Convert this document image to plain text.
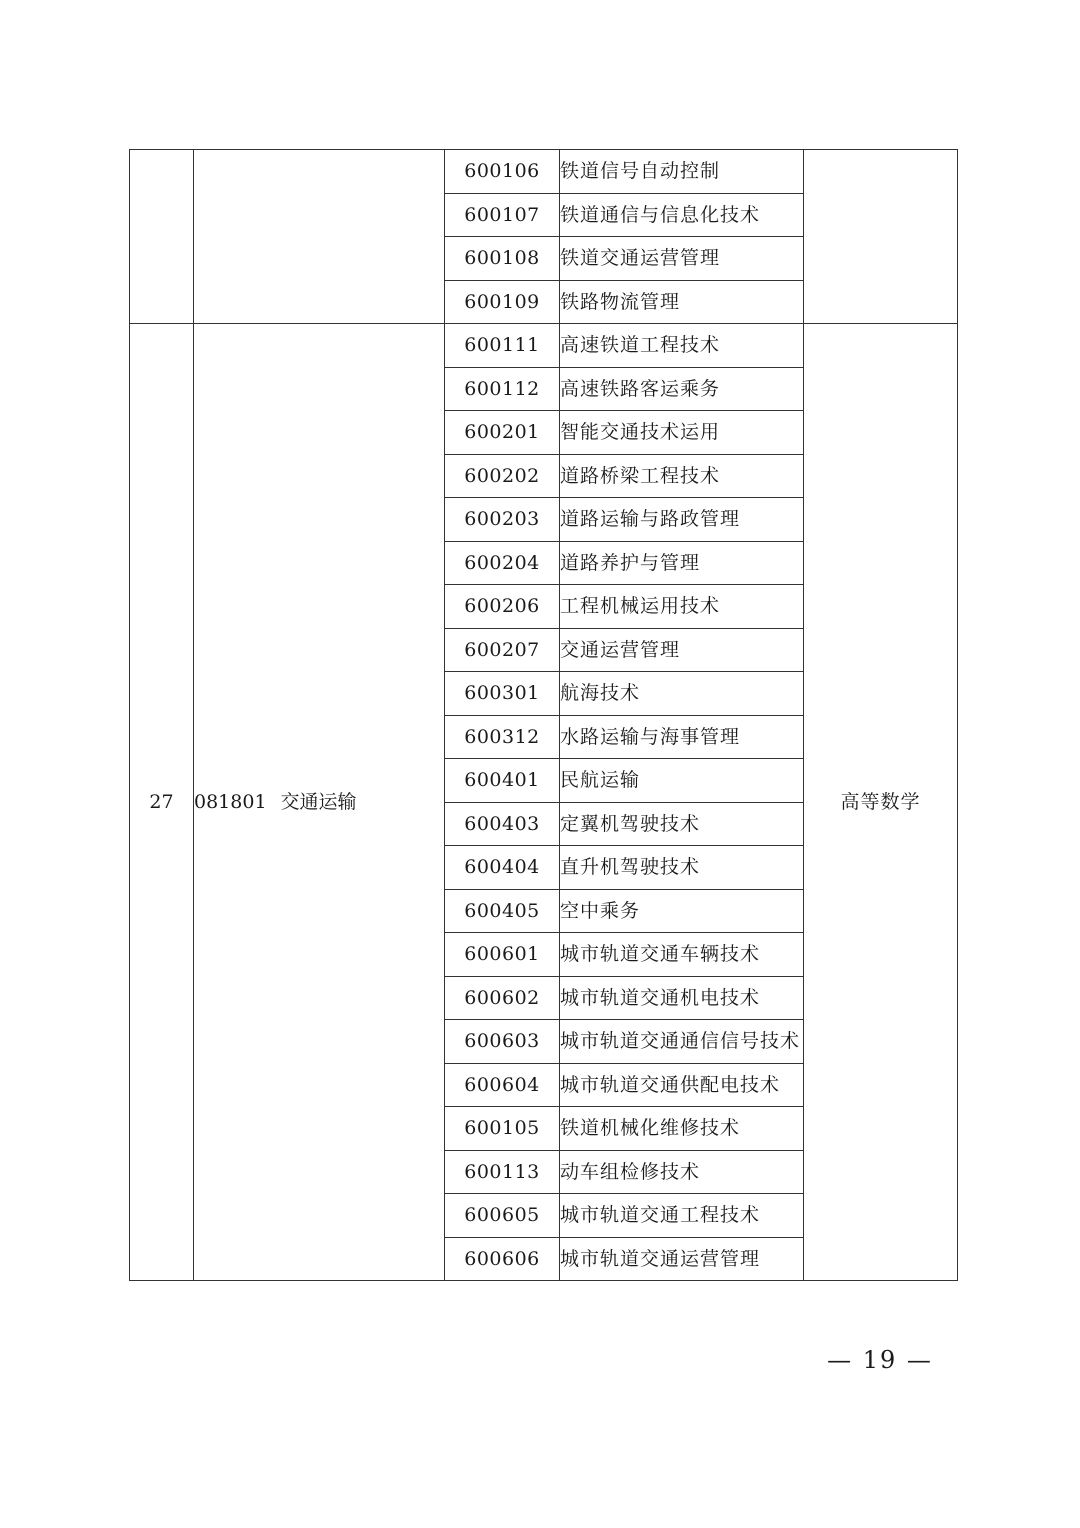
		600106	铁道信号自动控制	
		600107	铁道通信与信息化技术	
		600108	铁道交通运营管理	
		600109	铁路物流管理	
27	081801 交通运输	600111	高速铁道工程技术	高等数学
		600112	高速铁路客运乘务	
		600201	智能交通技术运用	
		600202	道路桥梁工程技术	
		600203	道路运输与路政管理	
		600204	道路养护与管理	
		600206	工程机械运用技术	
		600207	交通运营管理	
		600301	航海技术	
		600312	水路运输与海事管理	
		600401	民航运输	
		600403	定翼机驾驶技术	
		600404	直升机驾驶技术	
		600405	空中乘务	
		600601	城市轨道交通车辆技术	
		600602	城市轨道交通机电技术	
		600603	城市轨道交通通信信号技术	
		600604	城市轨道交通供配电技术	
		600105	铁道机械化维修技术	
		600113	动车组检修技术	
		600605	城市轨道交通工程技术	
		600606	城市轨道交通运营管理	
— 19 —
